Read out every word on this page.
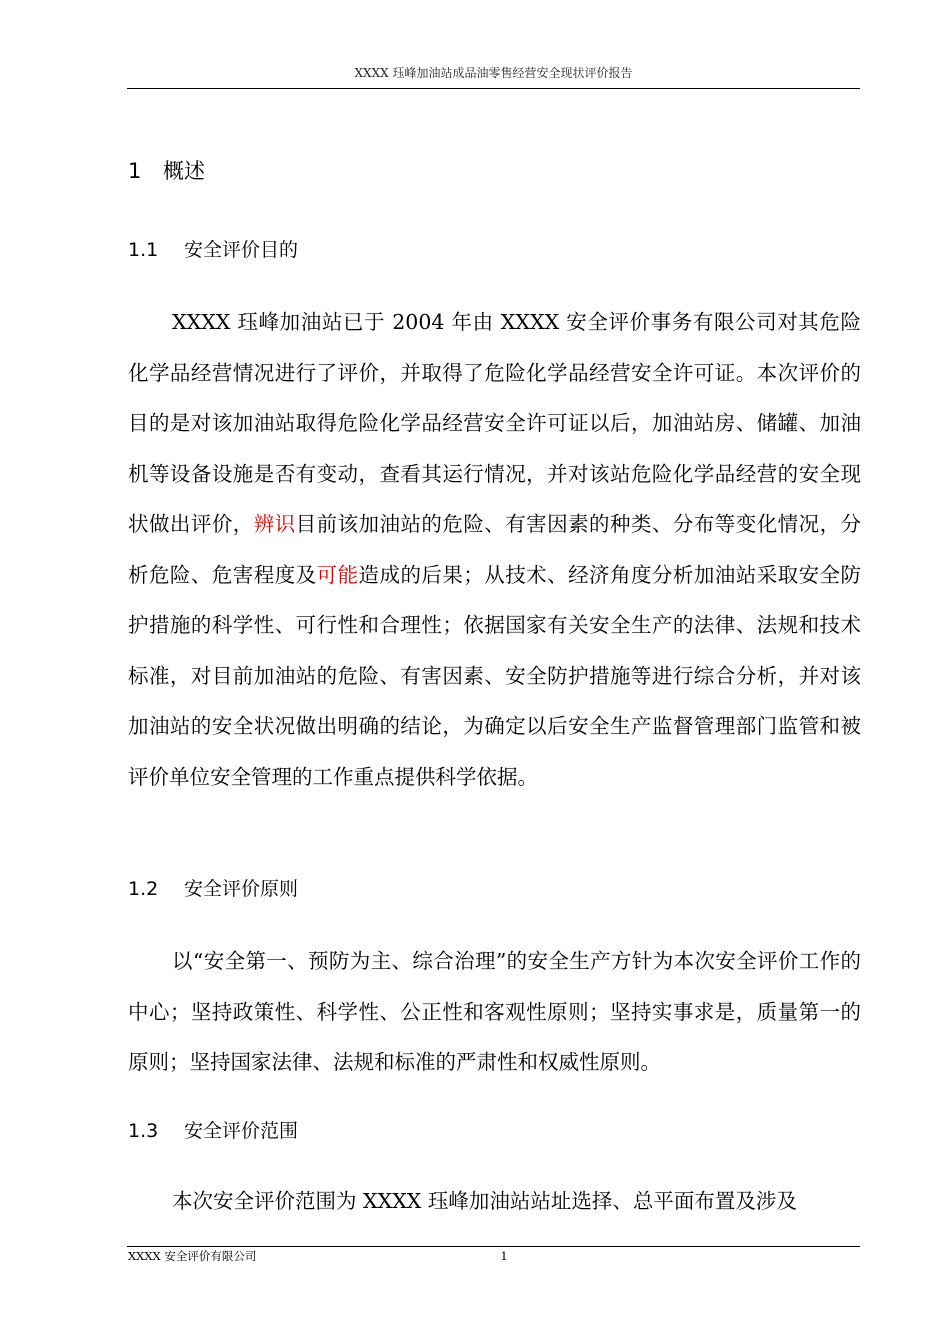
XXXX 珏峰加油站成品油零售经营安全现状评价报告
1 概述
1.1 安全评价目的

XXXX 珏峰加油站已于 2004 年由 XXXX 安全评价事务有限公司对其危险化学品经营情况进行了评价，并取得了危险化学品经营安全许可证。本次评价的目的是对该加油站取得危险化学品经营安全许可证以后，加油站房、储罐、加油机等设备设施是否有变动，查看其运行情况，并对该站危险化学品经营的安全现状做出评价，辨识目前该加油站的危险、有害因素的种类、分布等变化情况，分析危险、危害程度及可能造成的后果；从技术、经济角度分析加油站采取安全防护措施的科学性、可行性和合理性；依据国家有关安全生产的法律、法规和技术标准，对目前加油站的危险、有害因素、安全防护措施等进行综合分析，并对该加油站的安全状况做出明确的结论，为确定以后安全生产监督管理部门监管和被评价单位安全管理的工作重点提供科学依据。

1.2 安全评价原则

以“安全第一、预防为主、综合治理”的安全生产方针为本次安全评价工作的中心；坚持政策性、科学性、公正性和客观性原则；坚持实事求是，质量第一的原则；坚持国家法律、法规和标准的严肃性和权威性原则。

1.3 安全评价范围

本次安全评价范围为 XXXX 珏峰加油站站址选择、总平面布置及涉及

XXXX 安全评价有限公司	1
